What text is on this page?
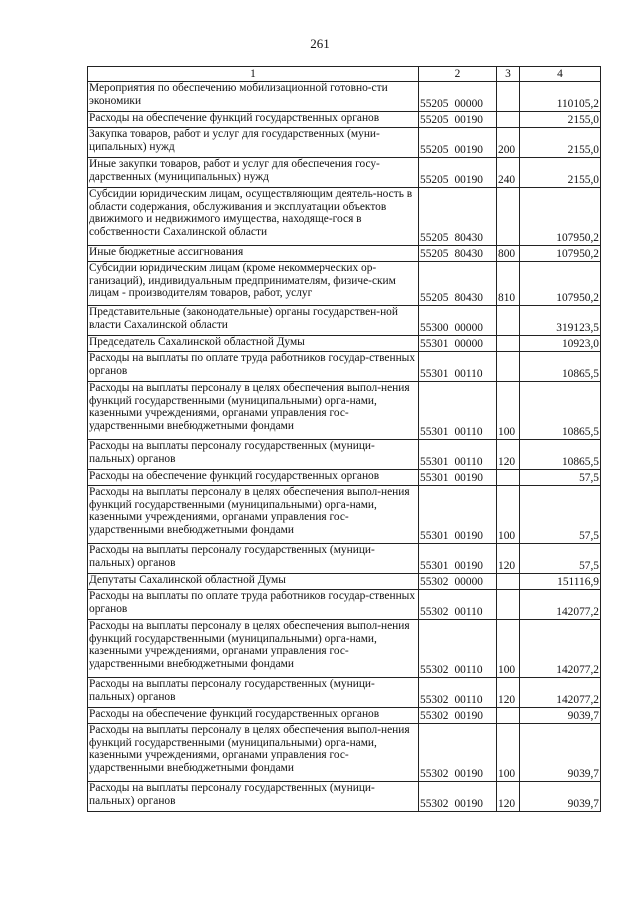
261
1	2	3	4
Мероприятия по обеспечению мобилизационной готовно-сти экономики	55205 00000		110105,2
Расходы на обеспечение функций государственных органов	55205 00190		2155,0
Закупка товаров, работ и услуг для государственных (муни-ципальных) нужд	55205 00190	200	2155,0
Иные закупки товаров, работ и услуг для обеспечения госу-дарственных (муниципальных) нужд	55205 00190	240	2155,0
Субсидии юридическим лицам, осуществляющим деятель-ность в области содержания, обслуживания и эксплуатации объектов движимого и недвижимого имущества, находяще-гося в собственности Сахалинской области	55205 80430		107950,2
Иные бюджетные ассигнования	55205 80430	800	107950,2
Субсидии юридическим лицам (кроме некоммерческих ор-ганизаций), индивидуальным предпринимателям, физиче-ским лицам - производителям товаров, работ, услуг	55205 80430	810	107950,2
Представительные (законодательные) органы государствен-ной власти Сахалинской области	55300 00000		319123,5
Председатель Сахалинской областной Думы	55301 00000		10923,0
Расходы на выплаты по оплате труда работников государ-ственных органов	55301 00110		10865,5
Расходы на выплаты персоналу в целях обеспечения выпол-нения функций государственными (муниципальными) орга-нами, казенными учреждениями, органами управления гос-ударственными внебюджетными фондами	55301 00110	100	10865,5
Расходы на выплаты персоналу государственных (муници-пальных) органов	55301 00110	120	10865,5
Расходы на обеспечение функций государственных органов	55301 00190		57,5
Расходы на выплаты персоналу в целях обеспечения выпол-нения функций государственными (муниципальными) орга-нами, казенными учреждениями, органами управления гос-ударственными внебюджетными фондами	55301 00190	100	57,5
Расходы на выплаты персоналу государственных (муници-пальных) органов	55301 00190	120	57,5
Депутаты Сахалинской областной Думы	55302 00000		151116,9
Расходы на выплаты по оплате труда работников государ-ственных органов	55302 00110		142077,2
Расходы на выплаты персоналу в целях обеспечения выпол-нения функций государственными (муниципальными) орга-нами, казенными учреждениями, органами управления гос-ударственными внебюджетными фондами	55302 00110	100	142077,2
Расходы на выплаты персоналу государственных (муници-пальных) органов	55302 00110	120	142077,2
Расходы на обеспечение функций государственных органов	55302 00190		9039,7
Расходы на выплаты персоналу в целях обеспечения выпол-нения функций государственными (муниципальными) орга-нами, казенными учреждениями, органами управления гос-ударственными внебюджетными фондами	55302 00190	100	9039,7
Расходы на выплаты персоналу государственных (муници-пальных) органов	55302 00190	120	9039,7
